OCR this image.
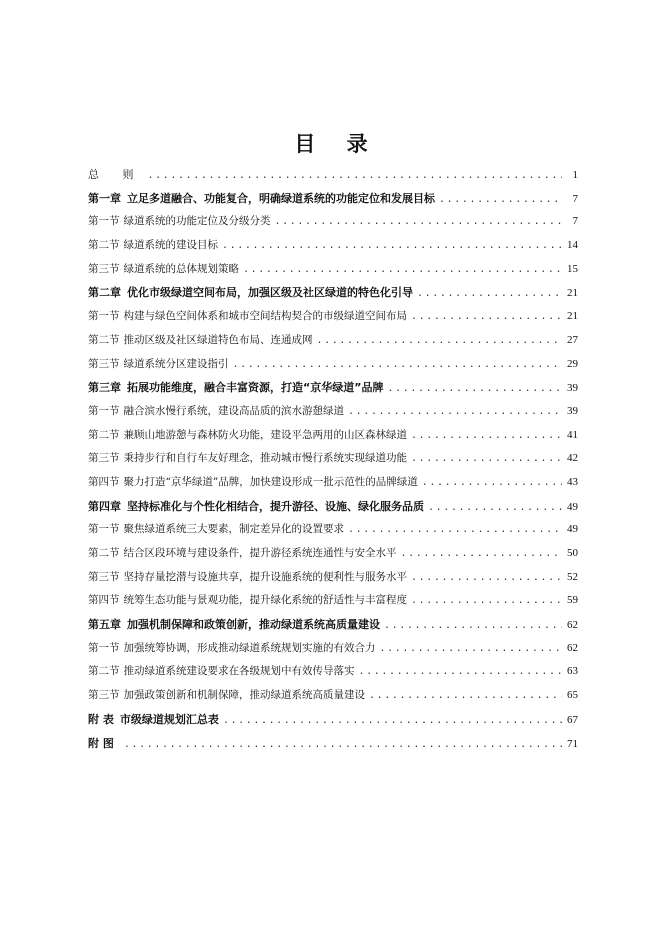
目 录
总 则 .....	1
第一章 立足多道融合、功能复合，明确绿道系统的功能定位和发展目标 .....	7
第一节 绿道系统的功能定位及分级分类 .....	7
第二节 绿道系统的建设目标 .....	14
第三节 绿道系统的总体规划策略 .....	15
第二章 优化市级绿道空间布局，加强区级及社区绿道的特色化引导 .....	21
第一节 构建与绿色空间体系和城市空间结构契合的市级绿道空间布局 .....	21
第二节 推动区级及社区绿道特色布局、连通成网 .....	27
第三节 绿道系统分区建设指引 .....	29
第三章 拓展功能维度，融合丰富资源，打造“京华绿道”品牌 .....	39
第一节 融合滨水慢行系统，建设高品质的滨水游憩绿道 .....	39
第二节 兼顾山地游憩与森林防火功能，建设平急两用的山区森林绿道 .....	41
第三节 秉持步行和自行车友好理念，推动城市慢行系统实现绿道功能 .....	42
第四节 聚力打造“京华绿道”品牌，加快建设形成一批示范性的品牌绿道 .....	43
第四章 坚持标准化与个性化相结合，提升游径、设施、绿化服务品质 .....	49
第一节 聚焦绿道系统三大要素，制定差异化的设置要求 .....	49
第二节 结合区段环境与建设条件，提升游径系统连通性与安全水平 .....	50
第三节 坚持存量挖潜与设施共享，提升设施系统的便利性与服务水平 .....	52
第四节 统筹生态功能与景观功能，提升绿化系统的舒适性与丰富程度 .....	59
第五章 加强机制保障和政策创新，推动绿道系统高质量建设 .....	62
第一节 加强统筹协调，形成推动绿道系统规划实施的有效合力 .....	62
第二节 推动绿道系统建设要求在各级规划中有效传导落实 .....	63
第三节 加强政策创新和机制保障，推动绿道系统高质量建设 .....	65
附 表 市级绿道规划汇总表 .....	67
附 图 .....	71
